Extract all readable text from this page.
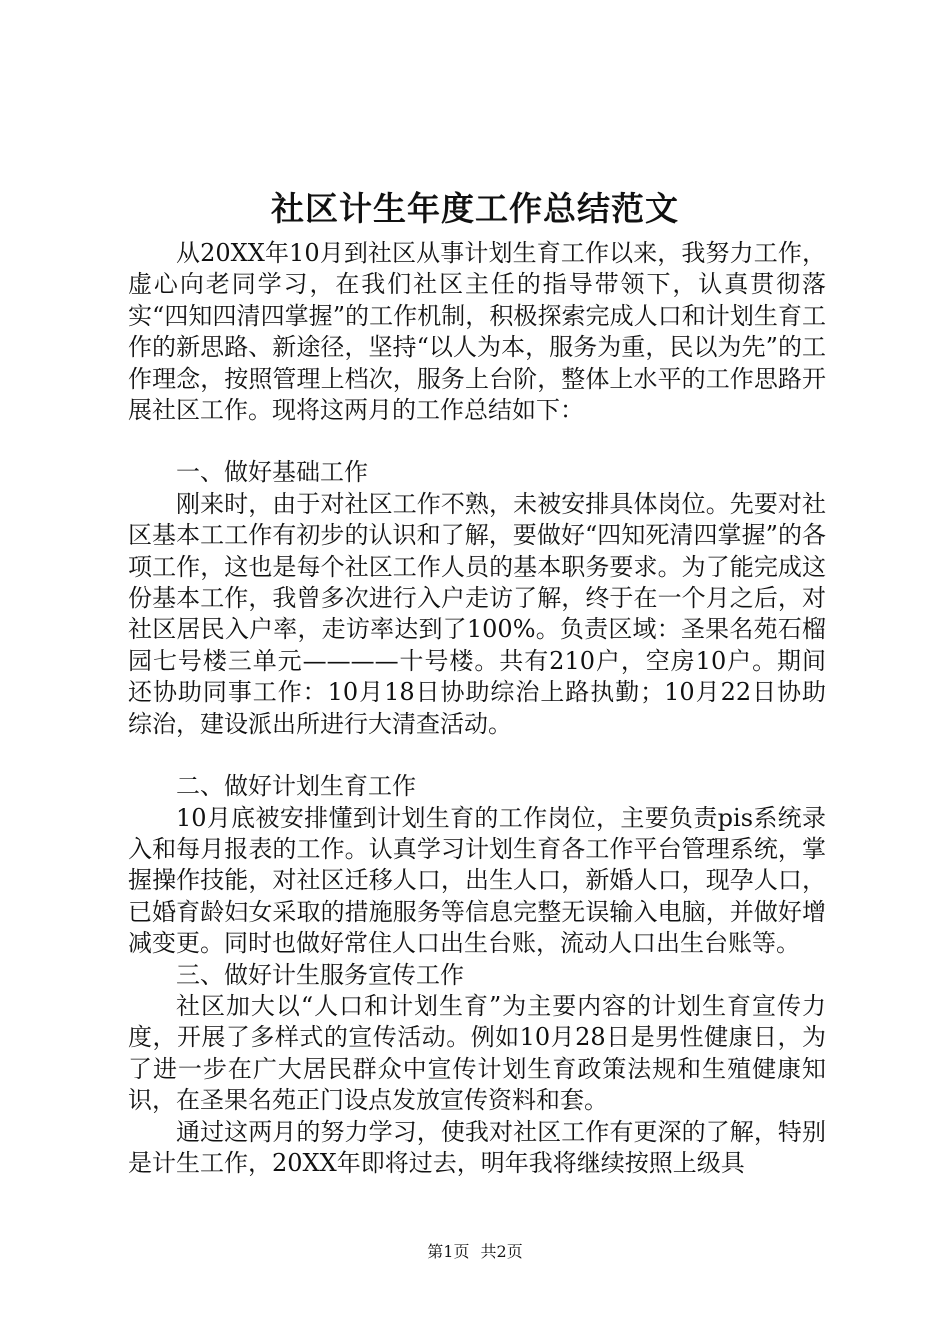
社区计生年度工作总结范文

从20XX年10月到社区从事计划生育工作以来，我努力工作，虚心向老同学习，在我们社区主任的指导带领下，认真贯彻落实“四知四清四掌握”的工作机制，积极探索完成人口和计划生育工作的新思路、新途径，坚持“以人为本，服务为重，民以为先”的工作理念，按照管理上档次，服务上台阶，整体上水平的工作思路开展社区工作。现将这两月的工作总结如下：

一、做好基础工作

刚来时，由于对社区工作不熟，未被安排具体岗位。先要对社区基本工工作有初步的认识和了解，要做好“四知死清四掌握”的各项工作，这也是每个社区工作人员的基本职务要求。为了能完成这份基本工作，我曾多次进行入户走访了解，终于在一个月之后，对社区居民入户率，走访率达到了100%。负责区域：圣果名苑石榴园七号楼三单元————十号楼。共有210户，空房10户。期间还协助同事工作：10月18日协助综治上路执勤；10月22日协助综治，建设派出所进行大清查活动。

二、做好计划生育工作

10月底被安排懂到计划生育的工作岗位，主要负责pis系统录入和每月报表的工作。认真学习计划生育各工作平台管理系统，掌握操作技能，对社区迁移人口，出生人口，新婚人口，现孕人口，已婚育龄妇女采取的措施服务等信息完整无误输入电脑，并做好增减变更。同时也做好常住人口出生台账，流动人口出生台账等。

三、做好计生服务宣传工作

社区加大以“人口和计划生育”为主要内容的计划生育宣传力度，开展了多样式的宣传活动。例如10月28日是男性健康日，为了进一步在广大居民群众中宣传计划生育政策法规和生殖健康知识，在圣果名苑正门设点发放宣传资料和套。

通过这两月的努力学习，使我对社区工作有更深的了解，特别是计生工作，20XX年即将过去，明年我将继续按照上级具

第1页 共2页
